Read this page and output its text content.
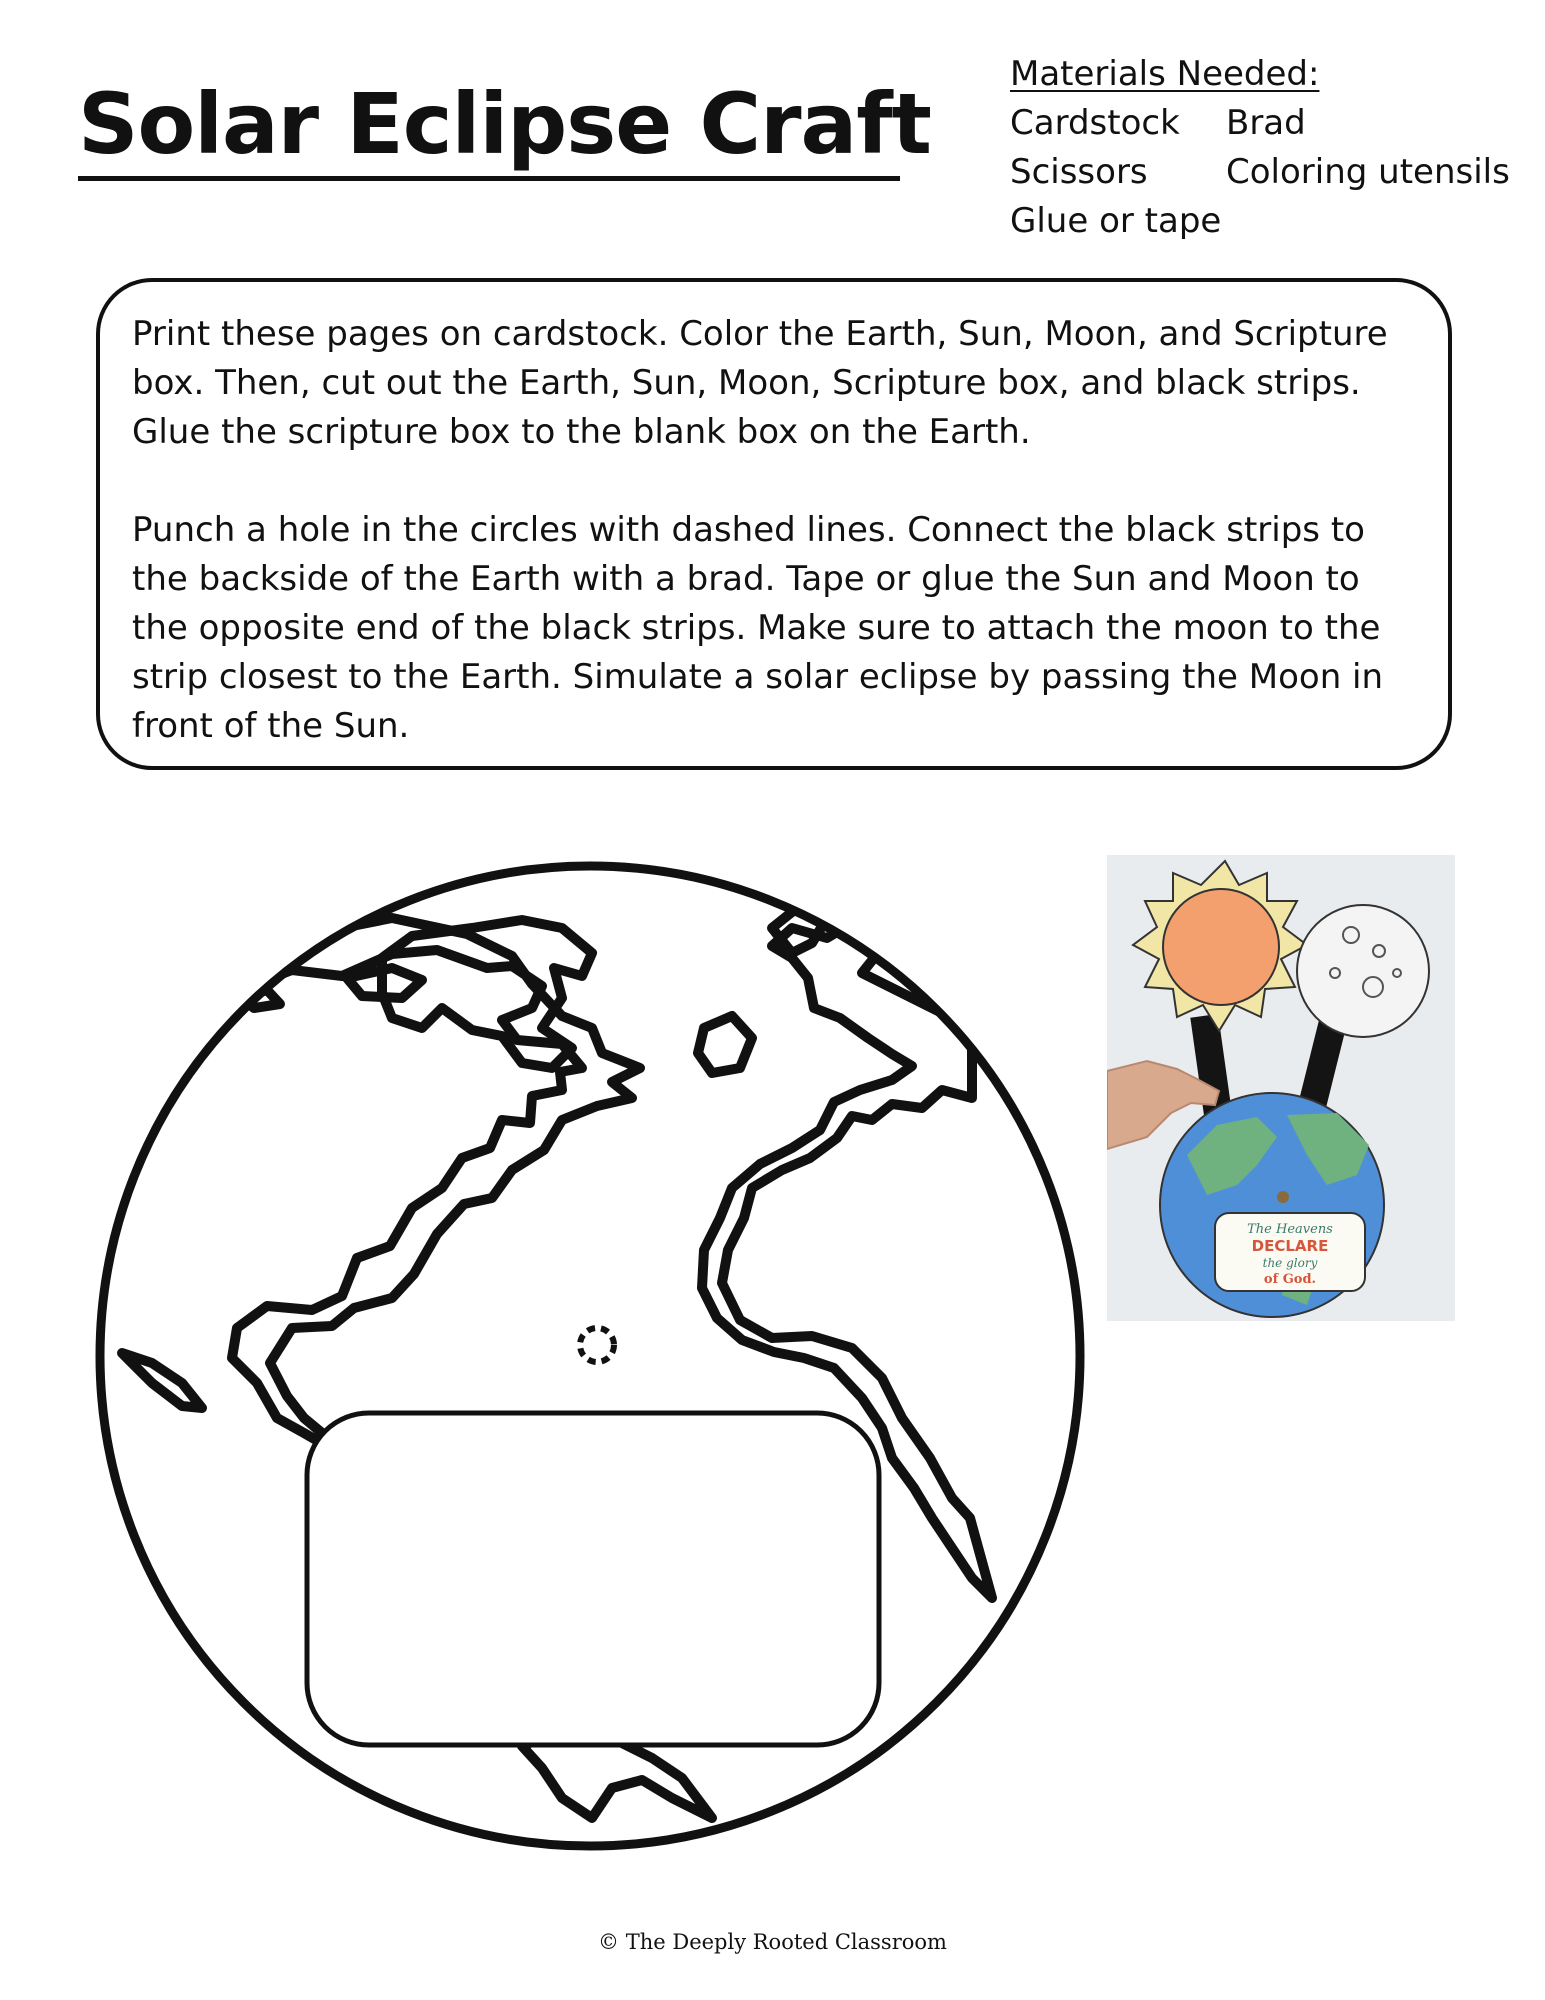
Solar Eclipse Craft
Materials Needed:
Cardstock	Brad
Scissors	Coloring utensils
Glue or tape

Print these pages on cardstock. Color the Earth, Sun, Moon, and Scripture box. Then, cut out the Earth, Sun, Moon, Scripture box, and black strips. Glue the scripture box to the blank box on the Earth.

Punch a hole in the circles with dashed lines. Connect the black strips to the backside of the Earth with a brad. Tape or glue the Sun and Moon to the opposite end of the black strips. Make sure to attach the moon to the strip closest to the Earth. Simulate a solar eclipse by passing the Moon in front of the Sun.

The Heavens
DECLARE
the glory
of God.
© The Deeply Rooted Classroom
